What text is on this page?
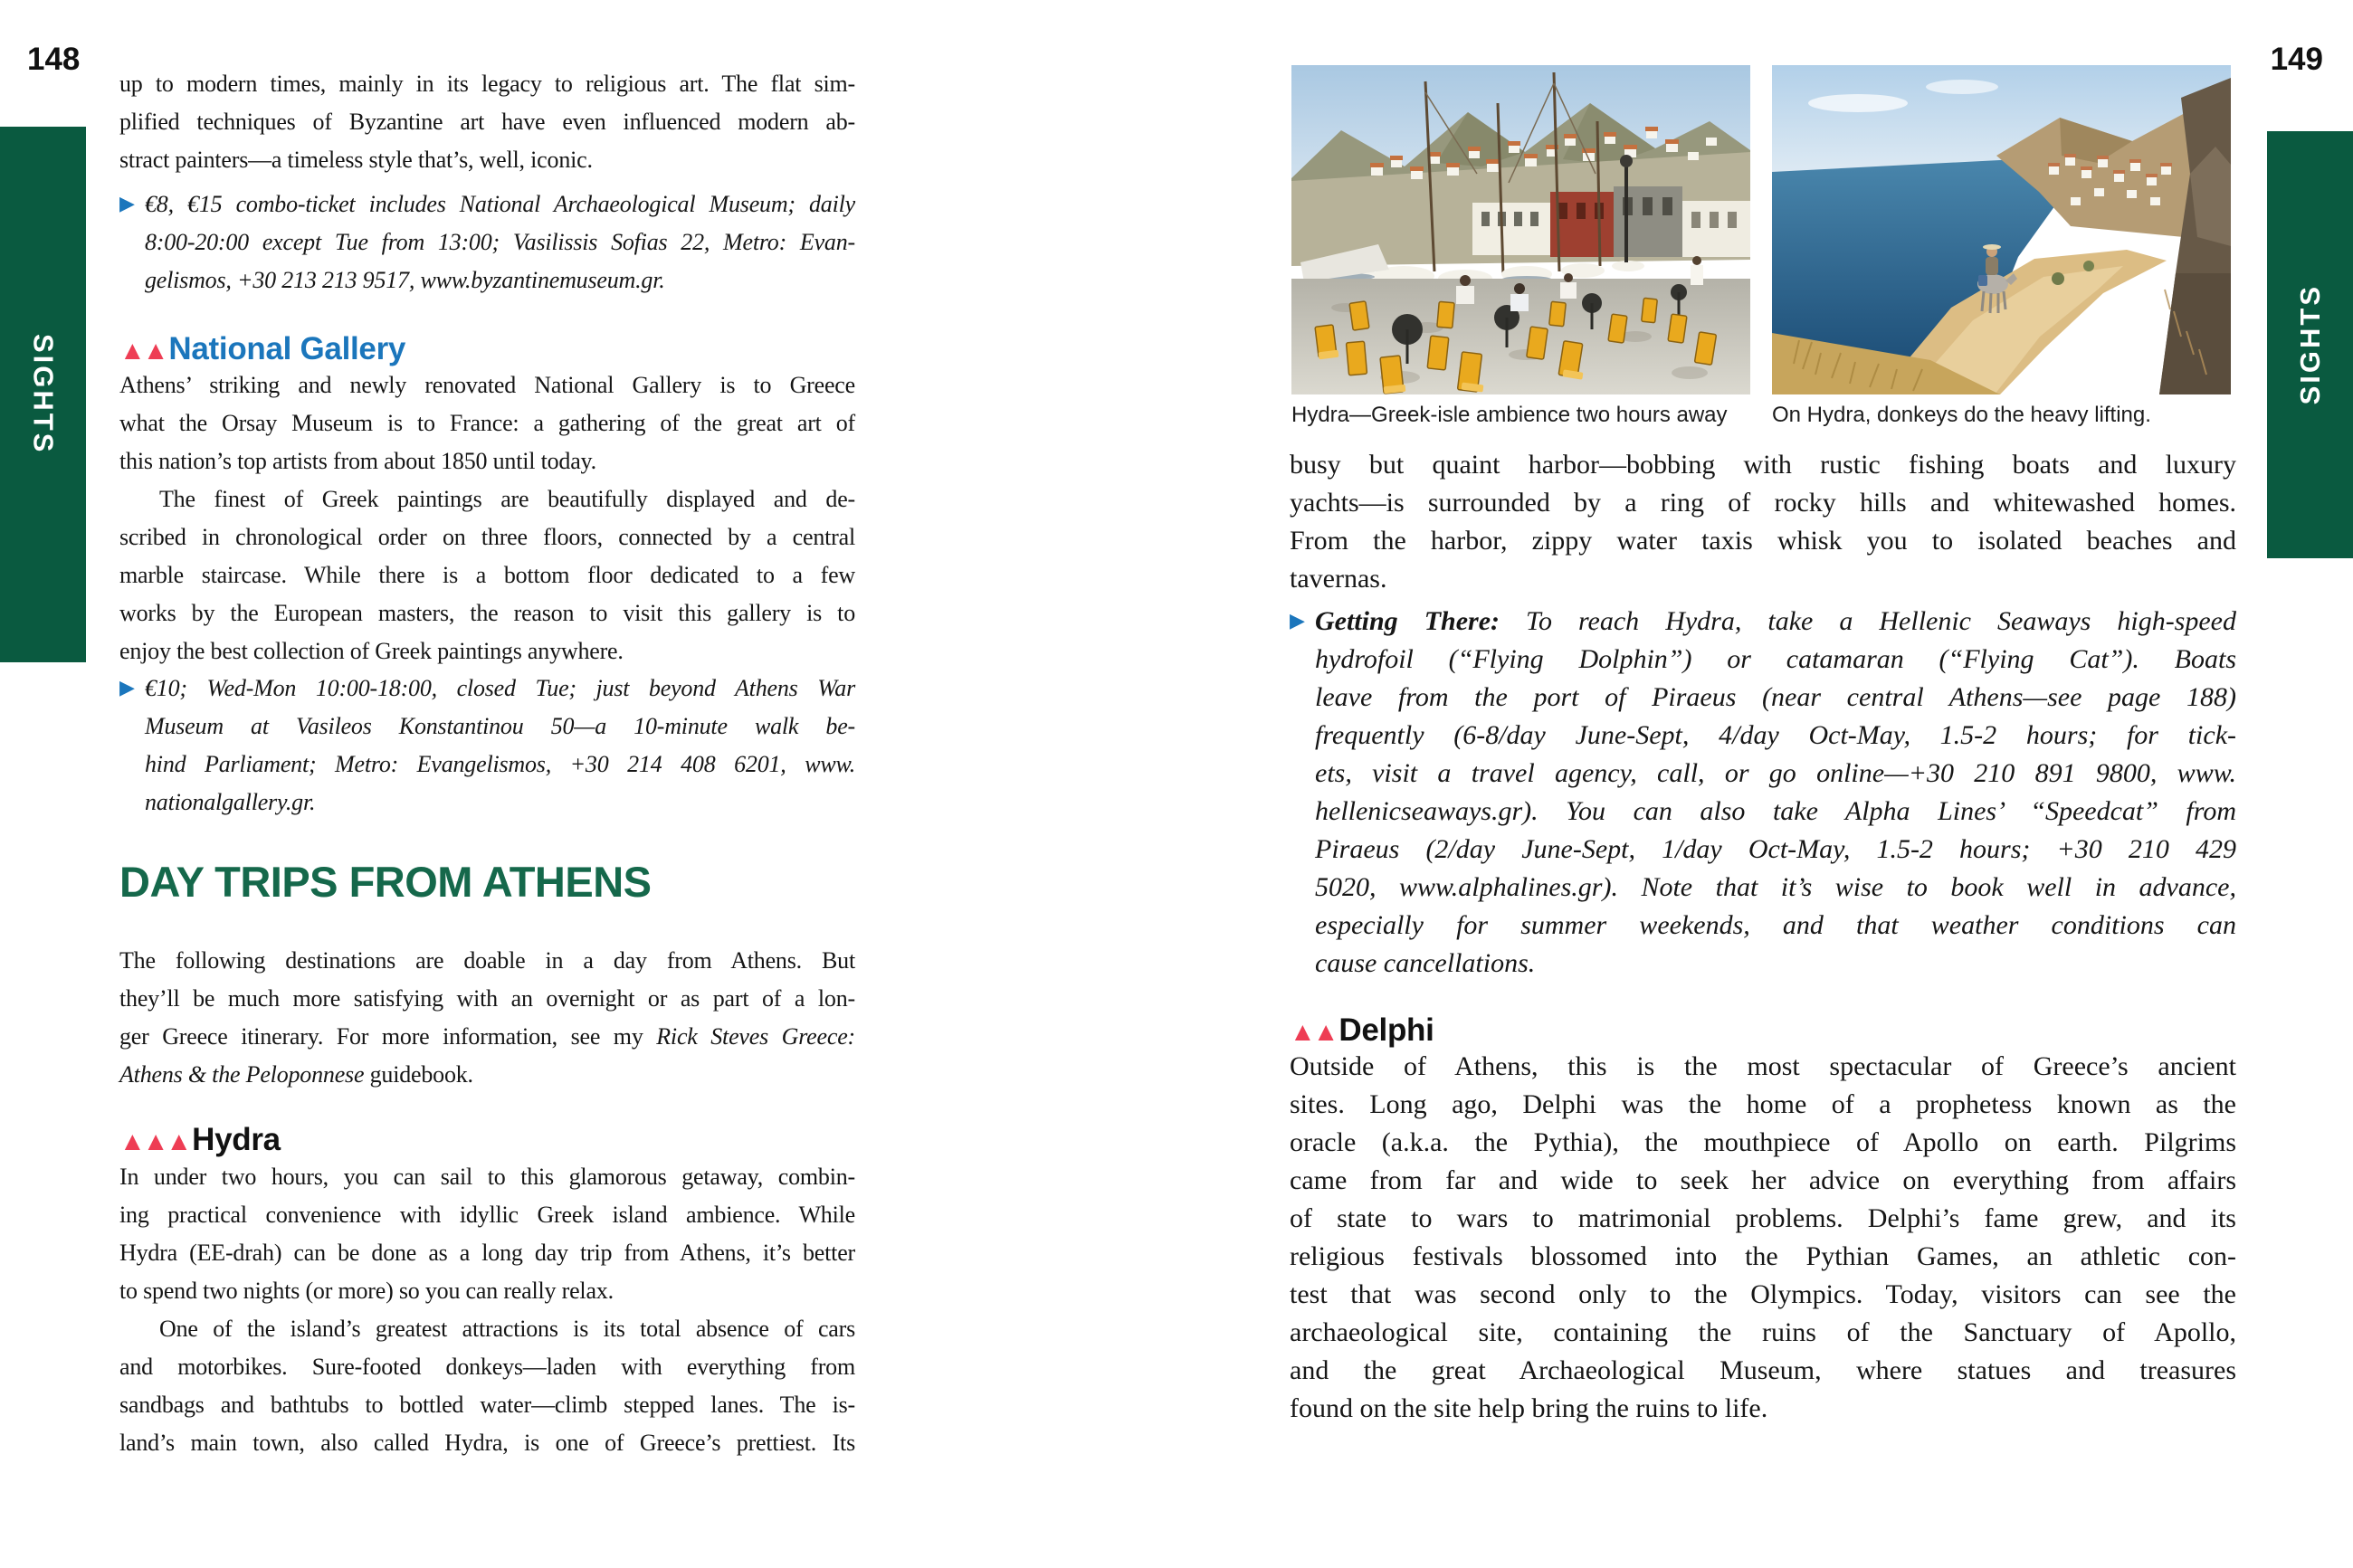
148	149
SIGHTS	SIGHTS
up to modern times, mainly in its legacy to religious art. The flat sim-
plified techniques of Byzantine art have even influenced modern ab-
stract painters—a timeless style that’s, well, iconic.
▶ €8, €15 combo-ticket includes National Archaeological Museum; daily
8:00-20:00 except Tue from 13:00; Vasilissis Sofias 22, Metro: Evan-
gelismos, +30 213 213 9517, www.byzantinemuseum.gr.
▲▲National Gallery
Athens’ striking and newly renovated National Gallery is to Greece
what the Orsay Museum is to France: a gathering of the great art of
this nation’s top artists from about 1850 until today.
The finest of Greek paintings are beautifully displayed and de-
scribed in chronological order on three floors, connected by a central
marble staircase. While there is a bottom floor dedicated to a few
works by the European masters, the reason to visit this gallery is to
enjoy the best collection of Greek paintings anywhere.
▶ €10; Wed-Mon 10:00-18:00, closed Tue; just beyond Athens War
Museum at Vasileos Konstantinou 50—a 10-minute walk be-
hind Parliament; Metro: Evangelismos, +30 214 408 6201, www.
nationalgallery.gr.
DAY TRIPS FROM ATHENS
The following destinations are doable in a day from Athens. But
they’ll be much more satisfying with an overnight or as part of a lon-
ger Greece itinerary. For more information, see my Rick Steves Greece:
Athens & the Peloponnese guidebook.
▲▲▲Hydra
In under two hours, you can sail to this glamorous getaway, combin-
ing practical convenience with idyllic Greek island ambience. While
Hydra (EE-drah) can be done as a long day trip from Athens, it’s better
to spend two nights (or more) so you can really relax.
One of the island’s greatest attractions is its total absence of cars
and motorbikes. Sure-footed donkeys—laden with everything from
sandbags and bathtubs to bottled water—climb stepped lanes. The is-
land’s main town, also called Hydra, is one of Greece’s prettiest. Its
Hydra—Greek-isle ambience two hours away On Hydra, donkeys do the heavy lifting.
busy but quaint harbor—bobbing with rustic fishing boats and luxury
yachts—is surrounded by a ring of rocky hills and whitewashed homes.
From the harbor, zippy water taxis whisk you to isolated beaches and
tavernas.
▶ Getting There: To reach Hydra, take a Hellenic Seaways high-speed
hydrofoil (“Flying Dolphin”) or catamaran (“Flying Cat”). Boats
leave from the port of Piraeus (near central Athens—see page 188)
frequently (6-8/day June-Sept, 4/day Oct-May, 1.5-2 hours; for tick-
ets, visit a travel agency, call, or go online—+30 210 891 9800, www.
hellenicseaways.gr). You can also take Alpha Lines’ “Speedcat” from
Piraeus (2/day June-Sept, 1/day Oct-May, 1.5-2 hours; +30 210 429
5020, www.alphalines.gr). Note that it’s wise to book well in advance,
especially for summer weekends, and that weather conditions can
cause cancellations.
▲▲Delphi
Outside of Athens, this is the most spectacular of Greece’s ancient
sites. Long ago, Delphi was the home of a prophetess known as the
oracle (a.k.a. the Pythia), the mouthpiece of Apollo on earth. Pilgrims
came from far and wide to seek her advice on everything from affairs
of state to wars to matrimonial problems. Delphi’s fame grew, and its
religious festivals blossomed into the Pythian Games, an athletic con-
test that was second only to the Olympics. Today, visitors can see the
archaeological site, containing the ruins of the Sanctuary of Apollo,
and the great Archaeological Museum, where statues and treasures
found on the site help bring the ruins to life.
